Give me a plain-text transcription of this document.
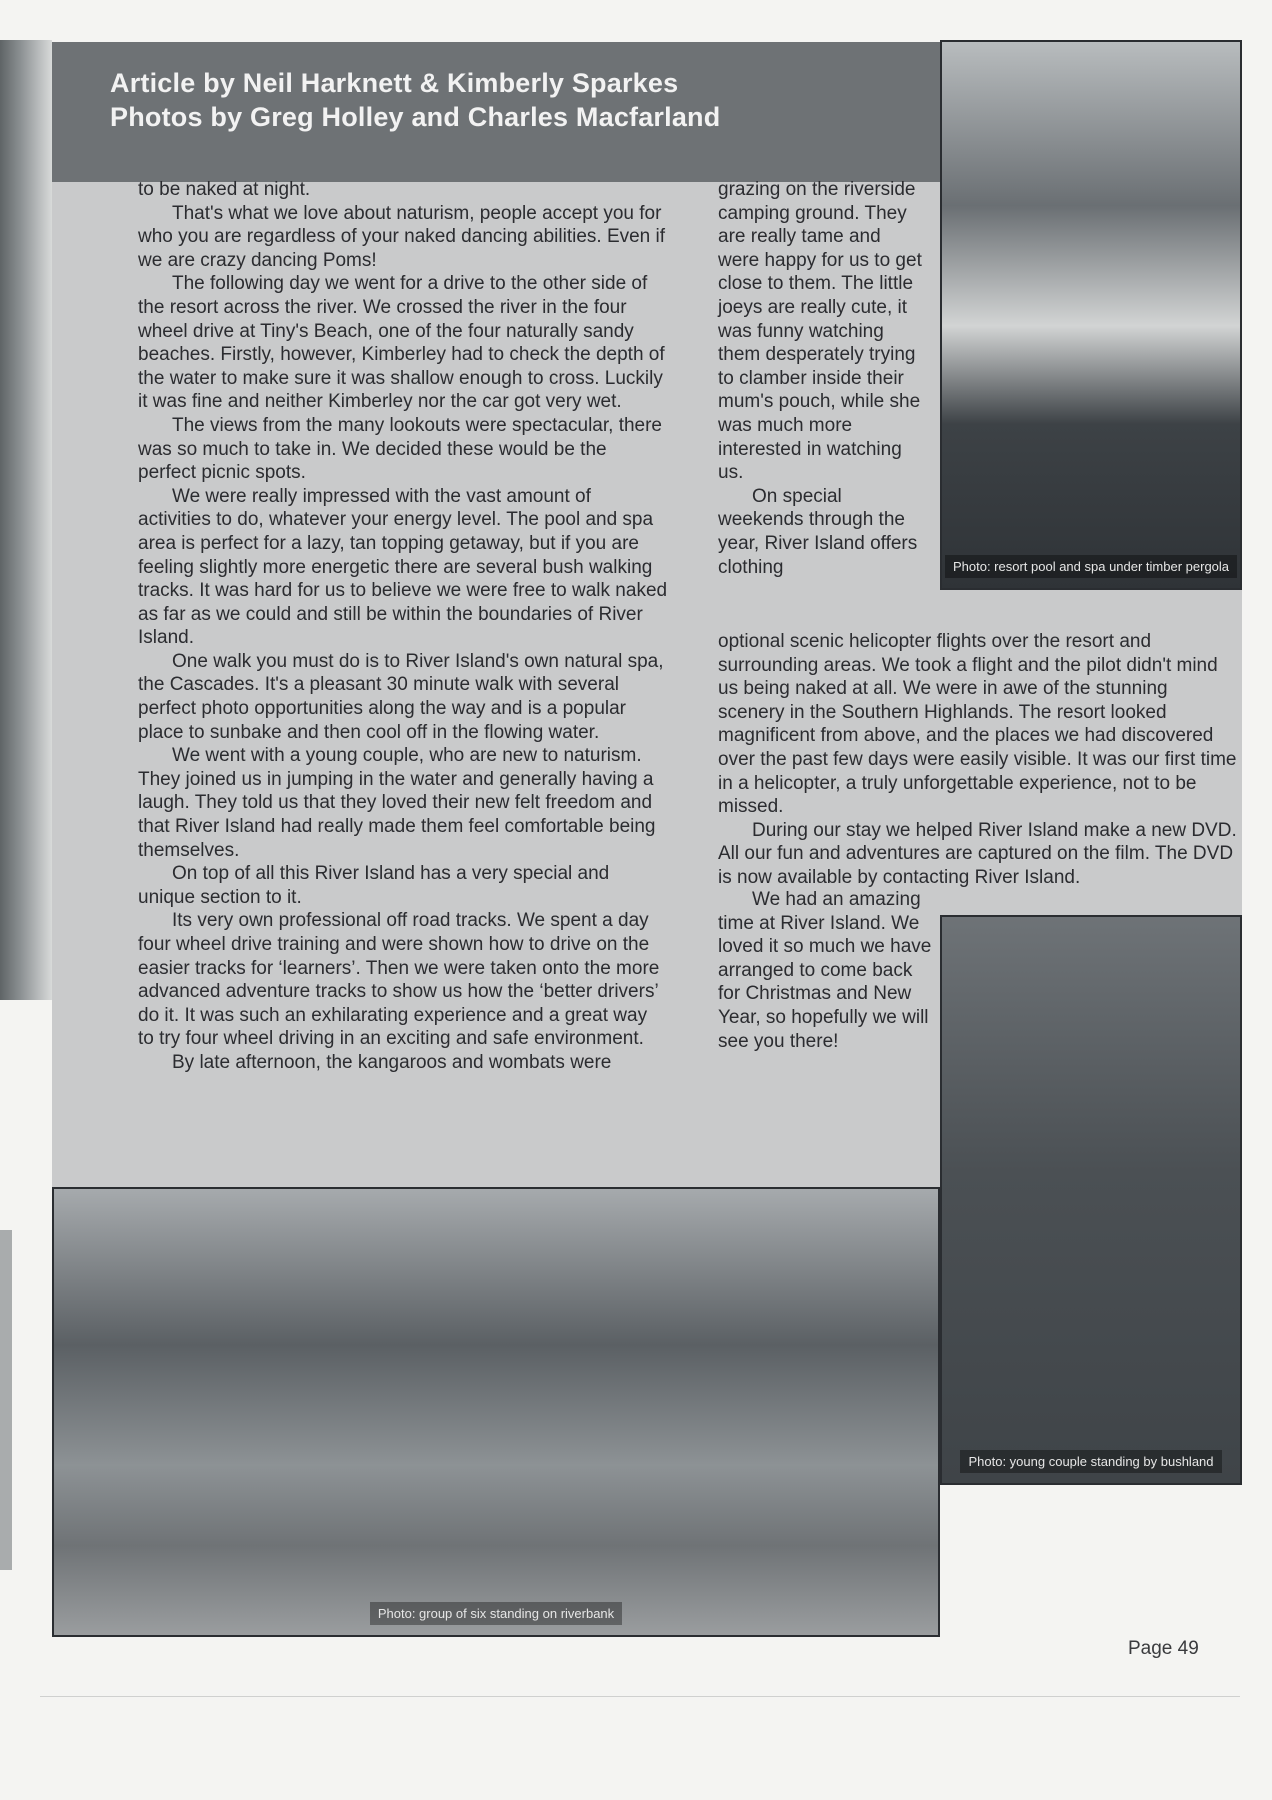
Article by Neil Harknett & Kimberly Sparkes
Photos by Greg Holley and Charles Macfarland

to be naked at night.

That's what we love about naturism, people accept you for who you are regardless of your naked dancing abilities. Even if we are crazy dancing Poms!

The following day we went for a drive to the other side of the resort across the river. We crossed the river in the four wheel drive at Tiny's Beach, one of the four naturally sandy beaches. Firstly, however, Kimberley had to check the depth of the water to make sure it was shallow enough to cross. Luckily it was fine and neither Kimberley nor the car got very wet.

The views from the many lookouts were spectacular, there was so much to take in. We decided these would be the perfect picnic spots.

We were really impressed with the vast amount of activities to do, whatever your energy level. The pool and spa area is perfect for a lazy, tan topping getaway, but if you are feeling slightly more energetic there are several bush walking tracks. It was hard for us to believe we were free to walk naked as far as we could and still be within the boundaries of River Island.

One walk you must do is to River Island's own natural spa, the Cascades. It's a pleasant 30 minute walk with several perfect photo opportunities along the way and is a popular place to sunbake and then cool off in the flowing water.

We went with a young couple, who are new to naturism. They joined us in jumping in the water and generally having a laugh. They told us that they loved their new felt freedom and that River Island had really made them feel comfortable being themselves.

On top of all this River Island has a very special and unique section to it.

Its very own professional off road tracks. We spent a day four wheel drive training and were shown how to drive on the easier tracks for ‘learners’. Then we were taken onto the more advanced adventure tracks to show us how the ‘better drivers’ do it. It was such an exhilarating experience and a great way to try four wheel driving in an exciting and safe environment.

By late afternoon, the kangaroos and wombats were

grazing on the riverside camping ground. They are really tame and were happy for us to get close to them. The little joeys are really cute, it was funny watching them desperately trying to clamber inside their mum's pouch, while she was much more interested in watching us.

On special weekends through the year, River Island offers clothing

optional scenic helicopter flights over the resort and surrounding areas. We took a flight and the pilot didn't mind us being naked at all. We were in awe of the stunning scenery in the Southern Highlands. The resort looked magnificent from above, and the places we had discovered over the past few days were easily visible. It was our first time in a helicopter, a truly unforgettable experience, not to be missed.

During our stay we helped River Island make a new DVD. All our fun and adventures are captured on the film. The DVD is now available by contacting River Island.

We had an amazing time at River Island. We loved it so much we have arranged to come back for Christmas and New Year, so hopefully we will see you there!

Photo: resort pool and spa under timber pergola
Photo: young couple standing by bushland
Photo: group of six standing on riverbank
Page 49
